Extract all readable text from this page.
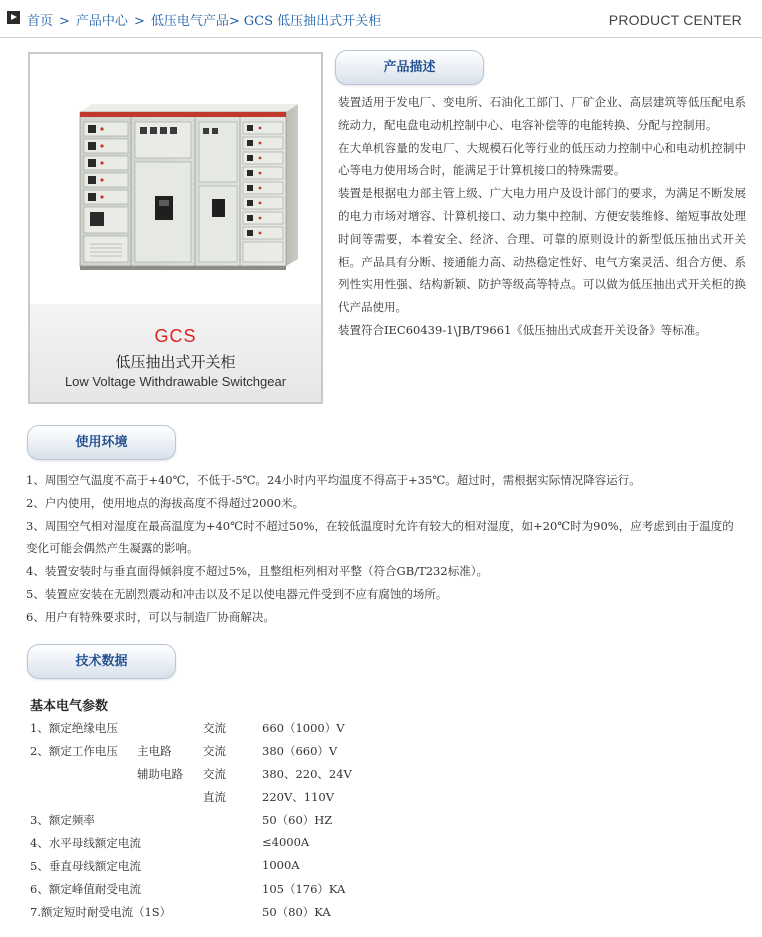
首页 > 产品中心 > 低压电气产品> GCS 低压抽出式开关柜	PRODUCT CENTER
GCS
低压抽出式开关柜
Low Voltage Withdrawable Switchgear
产品描述

装置适用于发电厂、变电所、石油化工部门、厂矿企业、高层建筑等低压配电系统动力，配电盘电动机控制中心、电容补偿等的电能转换、分配与控制用。

在大单机容量的发电厂、大规模石化等行业的低压动力控制中心和电动机控制中心等电力使用场合时，能满足于计算机接口的特殊需要。

装置是根据电力部主管上级、广大电力用户及设计部门的要求，为满足不断发展的电力市场对增容、计算机接口、动力集中控制、方便安装维修、缩短事故处理时间等需要，本着安全、经济、合理、可靠的原则设计的新型低压抽出式开关柜。产品具有分断、接通能力高、动热稳定性好、电气方案灵活、组合方便、系列性实用性强、结构新颖、防护等级高等特点。可以做为低压抽出式开关柜的换代产品使用。

装置符合IEC60439-1\JB/T9661《低压抽出式成套开关设备》等标准。

使用环境

1、周围空气温度不高于+40℃，不低于-5℃。24小时内平均温度不得高于+35℃。超过时，需根据实际情况降容运行。

2、户内使用，使用地点的海拔高度不得超过2000米。

3、周围空气相对湿度在最高温度为+40℃时不超过50%，在较低温度时允许有较大的相对湿度，如+20℃时为90%，应考虑到由于温度的变化可能会偶然产生凝露的影响。

4、装置安装时与垂直面得倾斜度不超过5%，且整组柜列相对平整（符合GB/T232标准）。

5、装置应安装在无剧烈震动和冲击以及不足以使电器元件受到不应有腐蚀的场所。

6、用户有特殊要求时，可以与制造厂协商解决。

技术数据
基本电气参数
1、额定绝缘电压	交流	660（1000）V
2、额定工作电压 主电路	交流	380（660）V
辅助电路 交流	380、220、24V
直流	220V、110V
3、额定频率	50（60）HZ
4、水平母线额定电流	≤4000A
5、垂直母线额定电流	1000A
6、额定峰值耐受电流	105（176）KA
7.额定短时耐受电流（1S）	50（80）KA
